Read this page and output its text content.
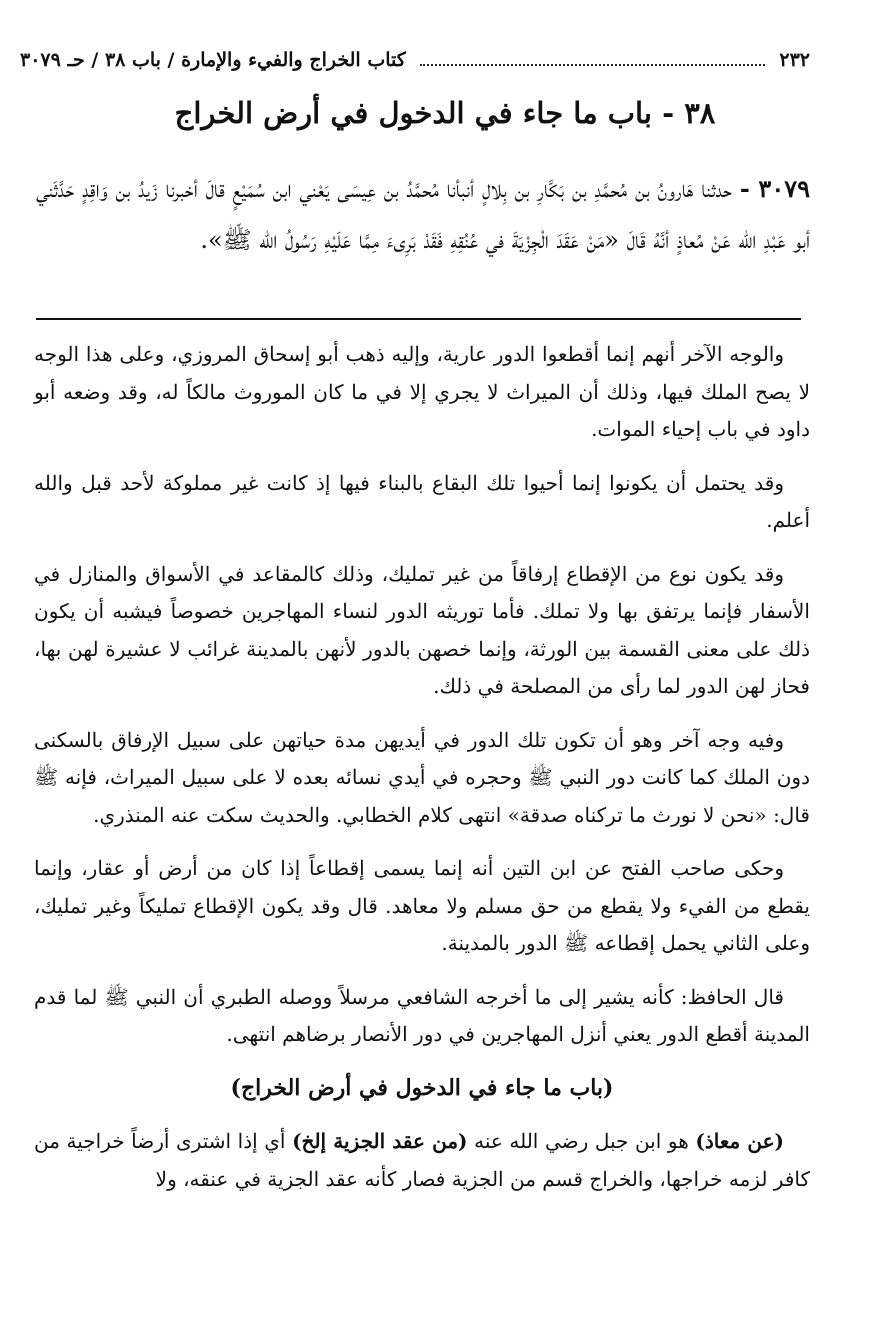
٢٣٢
كتاب الخراج والفيء والإمارة / باب ٣٨ / حـ ٣٠٧٩
٣٨ - باب ما جاء في الدخول في أرض الخراج
٣٠٧٩ - حدثنا هَارونُ بن مُحمَّدِ بن بَكَّارِ بن بِلالٍ أنبأنا مُحمَّدُ بن عِيسَى يَعْني ابن سُمَيْعٍ قالَ أخبرنا زَيدُ بن وَاقِدٍ حَدَّثَني أبو عَبْدِ الله عَنْ مُعاذٍ أنَّهُ قَالَ «مَنْ عَقَدَ الْجِزْيَةَ في عُنُقِهِ فَقَدْ بَرِىءَ مِمَّا عَلَيْهِ رَسُولُ الله ﷺ».

والوجه الآخر أنهم إنما أقطعوا الدور عارية، وإليه ذهب أبو إسحاق المروزي، وعلى هذا الوجه لا يصح الملك فيها، وذلك أن الميراث لا يجري إلا في ما كان الموروث مالكاً له، وقد وضعه أبو داود في باب إحياء الموات.

وقد يحتمل أن يكونوا إنما أحيوا تلك البقاع بالبناء فيها إذ كانت غير مملوكة لأحد قبل والله أعلم.

وقد يكون نوع من الإقطاع إرفاقاً من غير تمليك، وذلك كالمقاعد في الأسواق والمنازل في الأسفار فإنما يرتفق بها ولا تملك. فأما توريثه الدور لنساء المهاجرين خصوصاً فيشبه أن يكون ذلك على معنى القسمة بين الورثة، وإنما خصهن بالدور لأنهن بالمدينة غرائب لا عشيرة لهن بها، فحاز لهن الدور لما رأى من المصلحة في ذلك.

وفيه وجه آخر وهو أن تكون تلك الدور في أيديهن مدة حياتهن على سبيل الإرفاق بالسكنى دون الملك كما كانت دور النبي ﷺ وحجره في أيدي نسائه بعده لا على سبيل الميراث، فإنه ﷺ قال: «نحن لا نورث ما تركناه صدقة» انتهى كلام الخطابي. والحديث سكت عنه المنذري.

وحكى صاحب الفتح عن ابن التين أنه إنما يسمى إقطاعاً إذا كان من أرض أو عقار، وإنما يقطع من الفيء ولا يقطع من حق مسلم ولا معاهد. قال وقد يكون الإقطاع تمليكاً وغير تمليك، وعلى الثاني يحمل إقطاعه ﷺ الدور بالمدينة.

قال الحافظ: كأنه يشير إلى ما أخرجه الشافعي مرسلاً ووصله الطبري أن النبي ﷺ لما قدم المدينة أقطع الدور يعني أنزل المهاجرين في دور الأنصار برضاهم انتهى.

(باب ما جاء في الدخول في أرض الخراج)

(عن معاذ) هو ابن جبل رضي الله عنه (من عقد الجزية إلخ) أي إذا اشترى أرضاً خراجية من كافر لزمه خراجها، والخراج قسم من الجزية فصار كأنه عقد الجزية في عنقه، ولا
